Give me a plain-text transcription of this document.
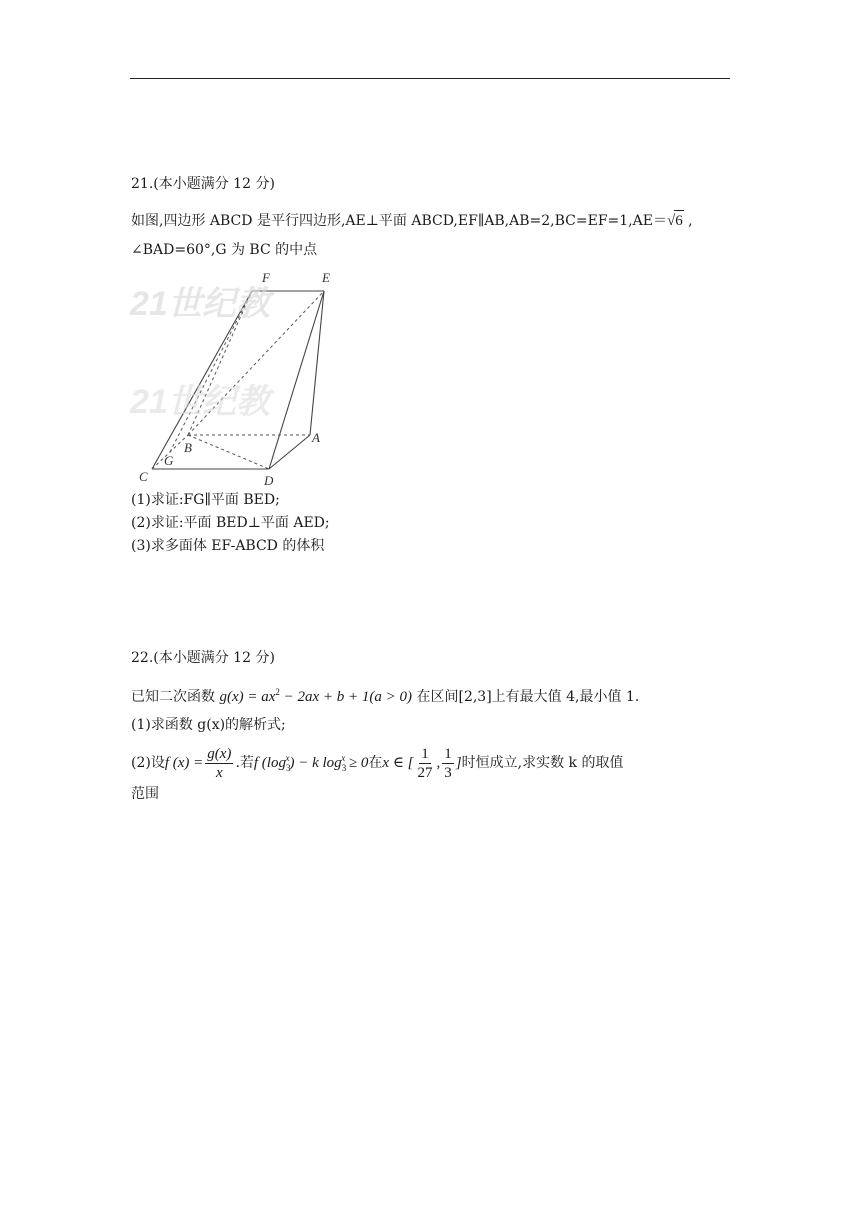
21.(本小题满分 12 分)
如图,四边形 ABCD 是平行四边形,AE⊥平面 ABCD,EF∥AB,AB=2,BC=EF=1,AE＝√6 ,
∠BAD=60°,G 为 BC 的中点
21世纪教
21世纪教
F	E
A
B
C
G
D
(1)求证:FG∥平面 BED;
(2)求证:平面 BED⊥平面 AED;
(3)求多面体 EF-ABCD 的体积
22.(本小题满分 12 分)
已知二次函数 $g(x) = ax^2 - 2ax + b + 1(a > 0)$ 在区间[2,3]上有最大值 4,最小值 1.
(1)求函数 g(x)的解析式;
(2)设 f $(x) = \frac{g(x)}{x}$ .若 f $(\log_3^x) - k$ $\log_3^x \ge 0$ 在 x ∈ [ $\frac{1}{27}$ , $\frac{1}{3}$ ] 时恒成立,求实数 k 的取值
范围
